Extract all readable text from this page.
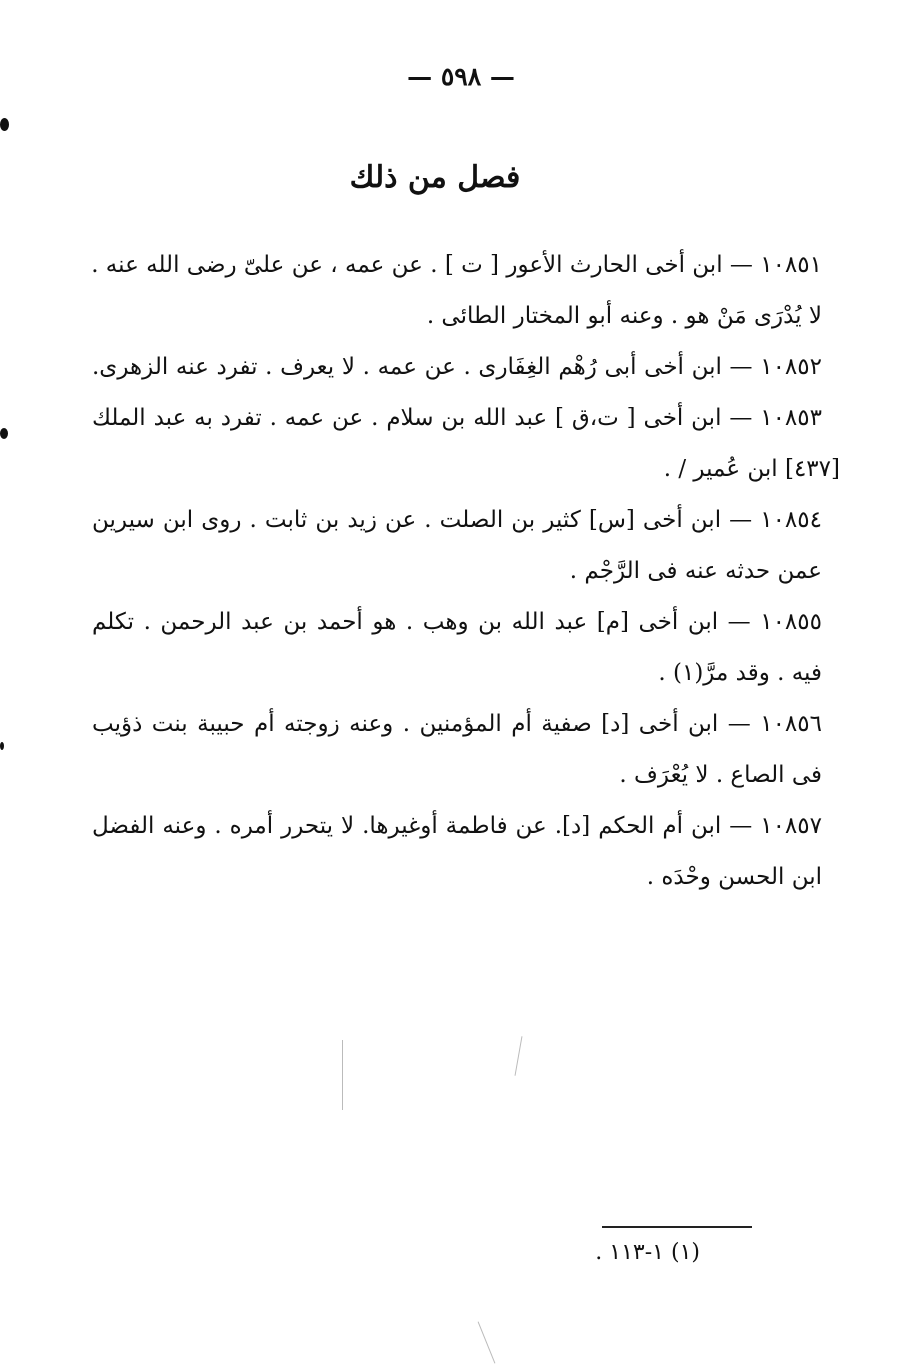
— ٥٩٨ —
فصل من ذلك
١٠٨٥١ — ابن أخى الحارث الأعور [ ت ] . عن عمه ، عن علىّ رضى الله عنه .
لا يُدْرَى مَنْ هو . وعنه أبو المختار الطائى .
١٠٨٥٢ — ابن أخى أبى رُهْم الغِفَارى . عن عمه . لا يعرف . تفرد عنه الزهرى.
١٠٨٥٣ — ابن أخى [ ت،ق ] عبد الله بن سلام . عن عمه . تفرد به عبد الملك
[٤٣٧] ابن عُمير / .
١٠٨٥٤ — ابن أخى [س] كثير بن الصلت . عن زيد بن ثابت . روى ابن سيرين
عمن حدثه عنه فى الرَّجْم .
١٠٨٥٥ — ابن أخى [م] عبد الله بن وهب . هو أحمد بن عبد الرحمن . تكلم
فيه . وقد مرَّ(١) .
١٠٨٥٦ — ابن أخى [د] صفية أم المؤمنين . وعنه زوجته أم حبيبة بنت ذؤيب
فى الصاع . لا يُعْرَف .
١٠٨٥٧ — ابن أم الحكم [د]. عن فاطمة أوغيرها. لا يتحرر أمره . وعنه الفضل
ابن الحسن وحْدَه .
(١) ١-١١٣ .
